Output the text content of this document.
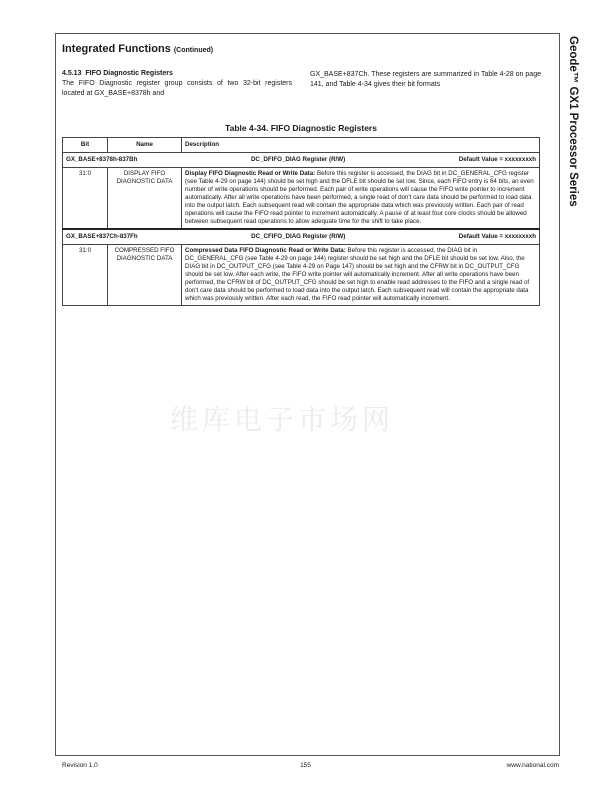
Geode™ GX1 Processor Series
Integrated Functions (Continued)
4.5.13 FIFO Diagnostic Registers
The FIFO Diagnostic register group consists of two 32-bit registers located at GX_BASE+8378h and
GX_BASE+837Ch. These registers are summarized in Table 4-28 on page 141, and Table 4-34 gives their bit formats
Table 4-34. FIFO Diagnostic Registers
Bit	Name	Description

GX_BASE+8378h-837Bh DC_DFIFO_DIAG Register (R/W) Default Value = xxxxxxxxh		

31:0	DISPLAY FIFO DIAGNOSTIC DATA	Display FIFO Diagnostic Read or Write Data: Before this register is accessed, the DIAG bit in DC_GENERAL_CFG register (see Table 4-29 on page 144) should be set high and the DFLE bit should be set low. Since, each FIFO entry is 64 bits, an even number of write operations should be performed. Each pair of write operations will cause the FIFO write pointer to increment automatically. After all write operations have been performed, a single read of don't care data should be performed to load data into the output latch. Each subsequent read will contain the appropriate data which was previously written. Each pair of read operations will cause the FIFO read pointer to increment automatically. A pause of at least four core clocks should be allowed between subsequent read operations to allow adequate time for the shift to take place.

GX_BASE+837Ch-837Fh DC_CFIFO_DIAG Register (R/W) Default Value = xxxxxxxxh		

31:0	COMPRESSED FIFO DIAGNOSTIC DATA	Compressed Data FIFO Diagnostic Read or Write Data: Before this register is accessed, the DIAG bit in DC_GENERAL_CFG (see Table 4-29 on page 144) register should be set high and the DFLE bit should be set low. Also, the DIAG bit in DC_OUTPUT_CFG (see Table 4-29 on Page 147) should be set high and the CFRW bit in DC_OUTPUT_CFG should be set low. After each write, the FIFO write pointer will automatically increment. After all write operations have been performed, the CFRW bit of DC_OUTPUT_CFG should be set high to enable read addresses to the FIFO and a single read of don't care data should be performed to load data into the output latch. Each subsequent read will contain the appropriate data which was previously written. After each read, the FIFO read pointer will automatically increment.
维库电子市场网
Revision 1.0	155	www.national.com
